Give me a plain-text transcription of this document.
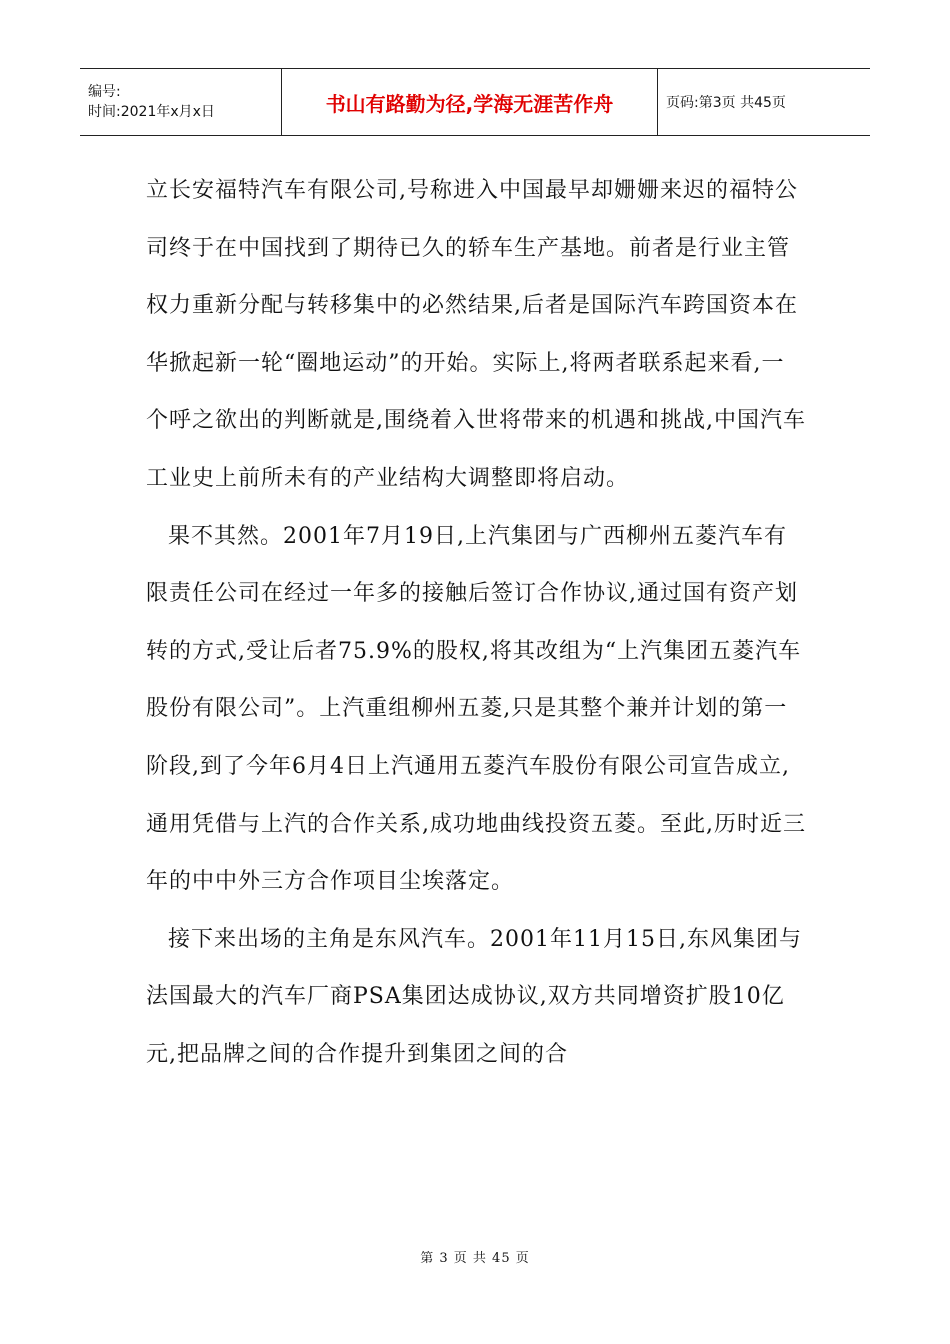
编号:
时间:2021年x月x日	书山有路勤为径,学海无涯苦作舟	页码:第3页 共45页

立长安福特汽车有限公司,号称进入中国最早却姗姗来迟的福特公司终于在中国找到了期待已久的轿车生产基地。前者是行业主管权力重新分配与转移集中的必然结果,后者是国际汽车跨国资本在华掀起新一轮“圈地运动”的开始。实际上,将两者联系起来看,一个呼之欲出的判断就是,围绕着入世将带来的机遇和挑战,中国汽车工业史上前所未有的产业结构大调整即将启动。

果不其然。2001年7月19日,上汽集团与广西柳州五菱汽车有限责任公司在经过一年多的接触后签订合作协议,通过国有资产划转的方式,受让后者75.9%的股权,将其改组为“上汽集团五菱汽车股份有限公司”。上汽重组柳州五菱,只是其整个兼并计划的第一阶段,到了今年6月4日上汽通用五菱汽车股份有限公司宣告成立,通用凭借与上汽的合作关系,成功地曲线投资五菱。至此,历时近三年的中中外三方合作项目尘埃落定。

接下来出场的主角是东风汽车。2001年11月15日,东风集团与法国最大的汽车厂商PSA集团达成协议,双方共同增资扩股10亿元,把品牌之间的合作提升到集团之间的合

第 3 页 共 45 页
